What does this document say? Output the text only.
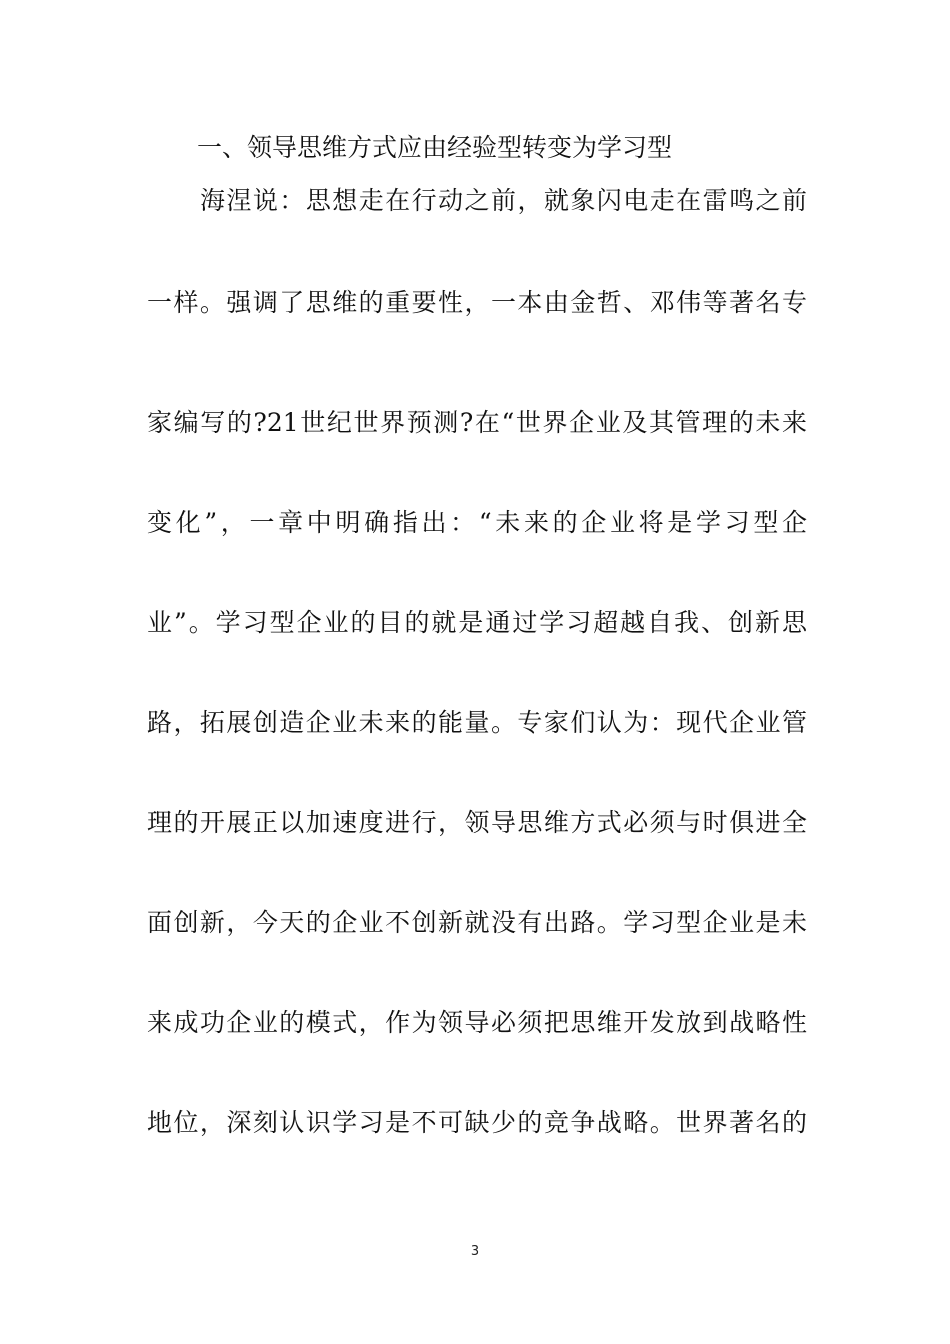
一、领导思维方式应由经验型转变为学习型

海涅说：思想走在行动之前，就象闪电走在雷鸣之前

一样。强调了思维的重要性，一本由金哲、邓伟等著名专

家编写的?21世纪世界预测?在“世界企业及其管理的未来

变化”，一章中明确指出：“未来的企业将是学习型企

业”。学习型企业的目的就是通过学习超越自我、创新思

路，拓展创造企业未来的能量。专家们认为：现代企业管

理的开展正以加速度进行，领导思维方式必须与时俱进全

面创新，今天的企业不创新就没有出路。学习型企业是未

来成功企业的模式，作为领导必须把思维开发放到战略性

地位，深刻认识学习是不可缺少的竞争战略。世界著名的

3
